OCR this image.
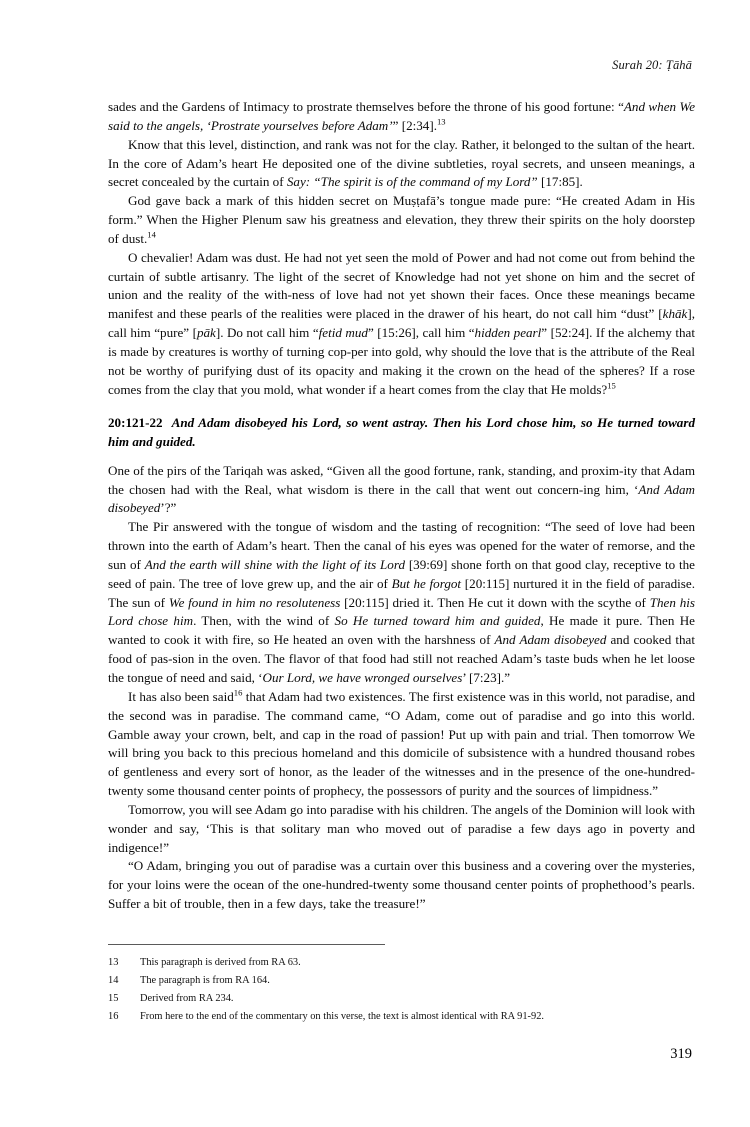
Surah 20: Ṭāhā

sades and the Gardens of Intimacy to prostrate themselves before the throne of his good fortune: “And when We said to the angels, ‘Prostrate yourselves before Adam’” [2:34].$^{13}$

Know that this level, distinction, and rank was not for the clay. Rather, it belonged to the sultan of the heart. In the core of Adam’s heart He deposited one of the divine subtleties, royal secrets, and unseen meanings, a secret concealed by the curtain of Say: “The spirit is of the command of my Lord” [17:85].

God gave back a mark of this hidden secret on Muṣṭafā’s tongue made pure: “He created Adam in His form.” When the Higher Plenum saw his greatness and elevation, they threw their spirits on the holy doorstep of dust.$^{14}$

O chevalier! Adam was dust. He had not yet seen the mold of Power and had not come out from behind the curtain of subtle artisanry. The light of the secret of Knowledge had not yet shone on him and the secret of union and the reality of the with-ness of love had not yet shown their faces. Once these meanings became manifest and these pearls of the realities were placed in the drawer of his heart, do not call him “dust” [khāk], call him “pure” [pāk]. Do not call him “fetid mud” [15:26], call him “hidden pearl” [52:24]. If the alchemy that is made by creatures is worthy of turning cop-per into gold, why should the love that is the attribute of the Real not be worthy of purifying dust of its opacity and making it the crown on the head of the spheres? If a rose comes from the clay that you mold, what wonder if a heart comes from the clay that He molds?$^{15}$

20:121-22 And Adam disobeyed his Lord, so went astray. Then his Lord chose him, so He turned toward him and guided.

One of the pirs of the Tariqah was asked, “Given all the good fortune, rank, standing, and proxim-ity that Adam the chosen had with the Real, what wisdom is there in the call that went out concern-ing him, ‘And Adam disobeyed’?”

The Pir answered with the tongue of wisdom and the tasting of recognition: “The seed of love had been thrown into the earth of Adam’s heart. Then the canal of his eyes was opened for the water of remorse, and the sun of And the earth will shine with the light of its Lord [39:69] shone forth on that good clay, receptive to the seed of pain. The tree of love grew up, and the air of But he forgot [20:115] nurtured it in the field of paradise. The sun of We found in him no resoluteness [20:115] dried it. Then He cut it down with the scythe of Then his Lord chose him. Then, with the wind of So He turned toward him and guided, He made it pure. Then He wanted to cook it with fire, so He heated an oven with the harshness of And Adam disobeyed and cooked that food of pas-sion in the oven. The flavor of that food had still not reached Adam’s taste buds when he let loose the tongue of need and said, ‘Our Lord, we have wronged ourselves’ [7:23].”

It has also been said$^{16}$ that Adam had two existences. The first existence was in this world, not paradise, and the second was in paradise. The command came, “O Adam, come out of paradise and go into this world. Gamble away your crown, belt, and cap in the road of passion! Put up with pain and trial. Then tomorrow We will bring you back to this precious homeland and this domicile of subsistence with a hundred thousand robes of gentleness and every sort of honor, as the leader of the witnesses and in the presence of the one-hundred-twenty some thousand center points of prophecy, the possessors of purity and the sources of limpidness.”

Tomorrow, you will see Adam go into paradise with his children. The angels of the Dominion will look with wonder and say, ‘This is that solitary man who moved out of paradise a few days ago in poverty and indigence!”

“O Adam, bringing you out of paradise was a curtain over this business and a covering over the mysteries, for your loins were the ocean of the one-hundred-twenty some thousand center points of prophethood’s pearls. Suffer a bit of trouble, then in a few days, take the treasure!”

13	This paragraph is derived from RA 63.
14	The paragraph is from RA 164.
15	Derived from RA 234.
16	From here to the end of the commentary on this verse, the text is almost identical with RA 91-92.
319
